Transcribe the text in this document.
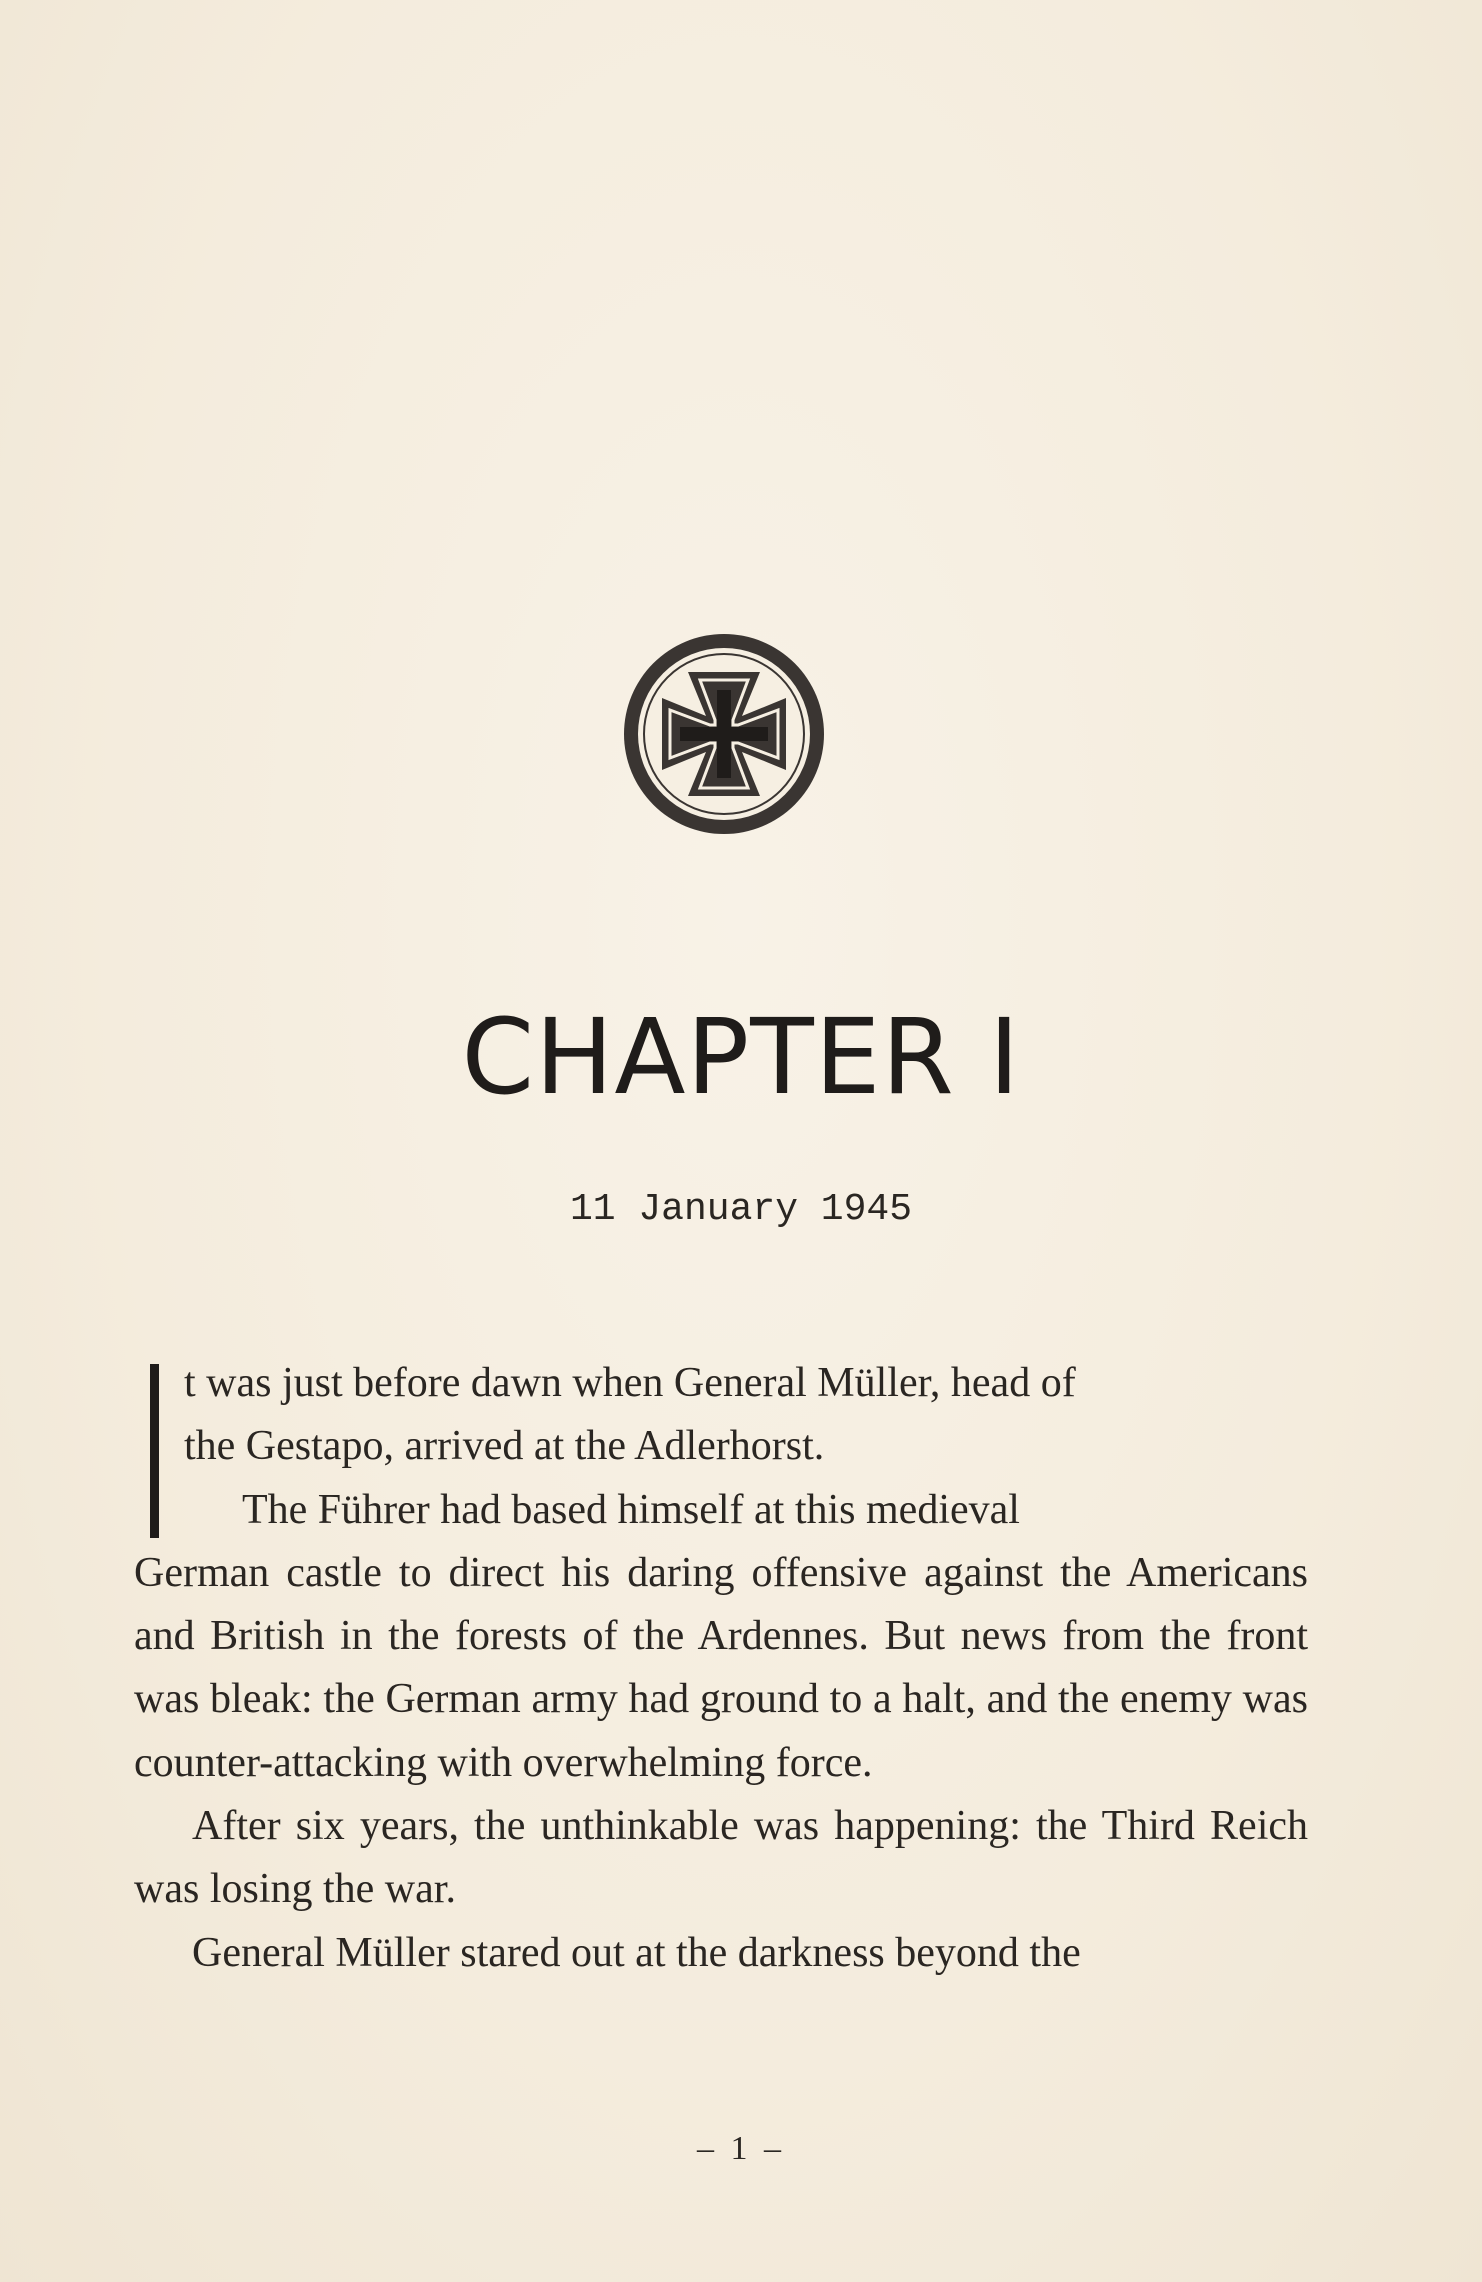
CHAPTER I
11 January 1945

t was just before dawn when General Müller, head of

the Gestapo, arrived at the Adlerhorst.

The Führer had based himself at this medieval

German castle to direct his daring offensive against the Americans and British in the forests of the Ardennes. But news from the front was bleak: the German army had ground to a halt, and the enemy was counter-attacking with overwhelming force.

After six years, the unthinkable was happening: the Third Reich was losing the war.

General Müller stared out at the darkness beyond the

– 1 –
